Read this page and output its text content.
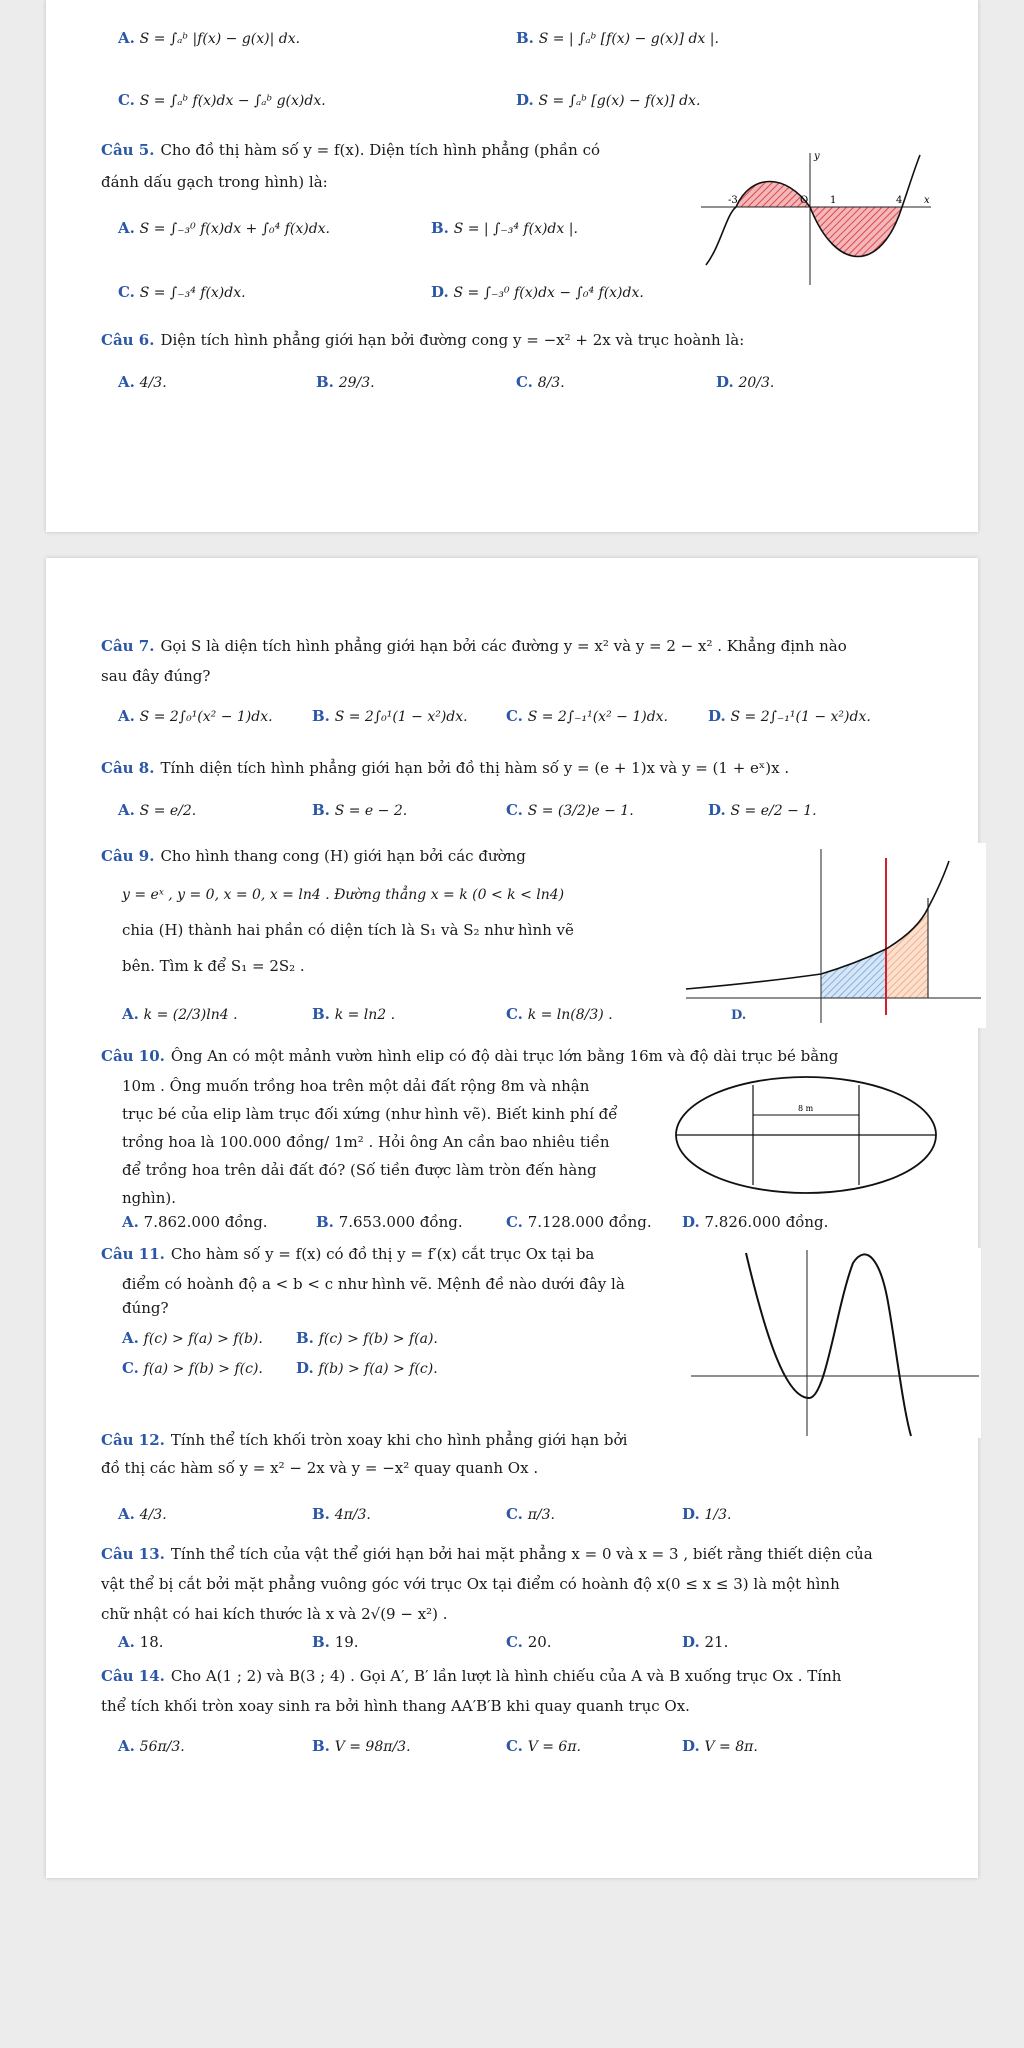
A. S = ∫ₐᵇ |f(x) − g(x)| dx.	B. S = | ∫ₐᵇ [f(x) − g(x)] dx |.
C. S = ∫ₐᵇ f(x)dx − ∫ₐᵇ g(x)dx.	D. S = ∫ₐᵇ [g(x) − f(x)] dx.
Câu 5. Cho đồ thị hàm số y = f(x). Diện tích hình phẳng (phần có
đánh dấu gạch trong hình) là:
A. S = ∫₋₃⁰ f(x)dx + ∫₀⁴ f(x)dx.	B. S = | ∫₋₃⁴ f(x)dx |.
C. S = ∫₋₃⁴ f(x)dx.	D. S = ∫₋₃⁰ f(x)dx − ∫₀⁴ f(x)dx.
y
x
-3	O 1	4
Câu 6. Diện tích hình phẳng giới hạn bởi đường cong y = −x² + 2x và trục hoành là:
A. 4/3.	B. 29/3.	C. 8/3.	D. 20/3.
Câu 7. Gọi S là diện tích hình phẳng giới hạn bởi các đường y = x² và y = 2 − x² . Khẳng định nào
sau đây đúng?
A. S = 2∫₀¹(x² − 1)dx.	B. S = 2∫₀¹(1 − x²)dx.	C. S = 2∫₋₁¹(x² − 1)dx.	D. S = 2∫₋₁¹(1 − x²)dx.
Câu 8. Tính diện tích hình phẳng giới hạn bởi đồ thị hàm số y = (e + 1)x và y = (1 + eˣ)x .
A. S = e/2.	B. S = e − 2.	C. S = (3/2)e − 1.	D. S = e/2 − 1.
Câu 9. Cho hình thang cong (H) giới hạn bởi các đường
y = eˣ , y = 0, x = 0, x = ln4 . Đường thẳng x = k (0 < k < ln4)
chia (H) thành hai phần có diện tích là S₁ và S₂ như hình vẽ
bên. Tìm k để S₁ = 2S₂ .
A. k = (2/3)ln4 .	B. k = ln2 .	C. k = ln(8/3) .	D.
Câu 10. Ông An có một mảnh vườn hình elip có độ dài trục lớn bằng 16m và độ dài trục bé bằng
10m . Ông muốn trồng hoa trên một dải đất rộng 8m và nhận
trục bé của elip làm trục đối xứng (như hình vẽ). Biết kinh phí để
trồng hoa là 100.000 đồng/ 1m² . Hỏi ông An cần bao nhiêu tiền
để trồng hoa trên dải đất đó? (Số tiền được làm tròn đến hàng
nghìn).
A. 7.862.000 đồng.	B. 7.653.000 đồng.	C. 7.128.000 đồng. D. 7.826.000 đồng.
8 m
Câu 11. Cho hàm số y = f(x) có đồ thị y = f′(x) cắt trục Ox tại ba
điểm có hoành độ a < b < c như hình vẽ. Mệnh đề nào dưới đây là
đúng?
A. f(c) > f(a) > f(b). B. f(c) > f(b) > f(a).
C. f(a) > f(b) > f(c). D. f(b) > f(a) > f(c).
Câu 12. Tính thể tích khối tròn xoay khi cho hình phẳng giới hạn bởi
đồ thị các hàm số y = x² − 2x và y = −x² quay quanh Ox .
A. 4/3.	B. 4π/3.	C. π/3.	D. 1/3.
Câu 13. Tính thể tích của vật thể giới hạn bởi hai mặt phẳng x = 0 và x = 3 , biết rằng thiết diện của
vật thể bị cắt bởi mặt phẳng vuông góc với trục Ox tại điểm có hoành độ x(0 ≤ x ≤ 3) là một hình
chữ nhật có hai kích thước là x và 2√(9 − x²) .
A. 18.	B. 19.	C. 20.	D. 21.
Câu 14. Cho A(1 ; 2) và B(3 ; 4) . Gọi A′, B′ lần lượt là hình chiếu của A và B xuống trục Ox . Tính
thể tích khối tròn xoay sinh ra bởi hình thang AA′B′B khi quay quanh trục Ox.
A. 56π/3.	B. V = 98π/3.	C. V = 6π.	D. V = 8π.
